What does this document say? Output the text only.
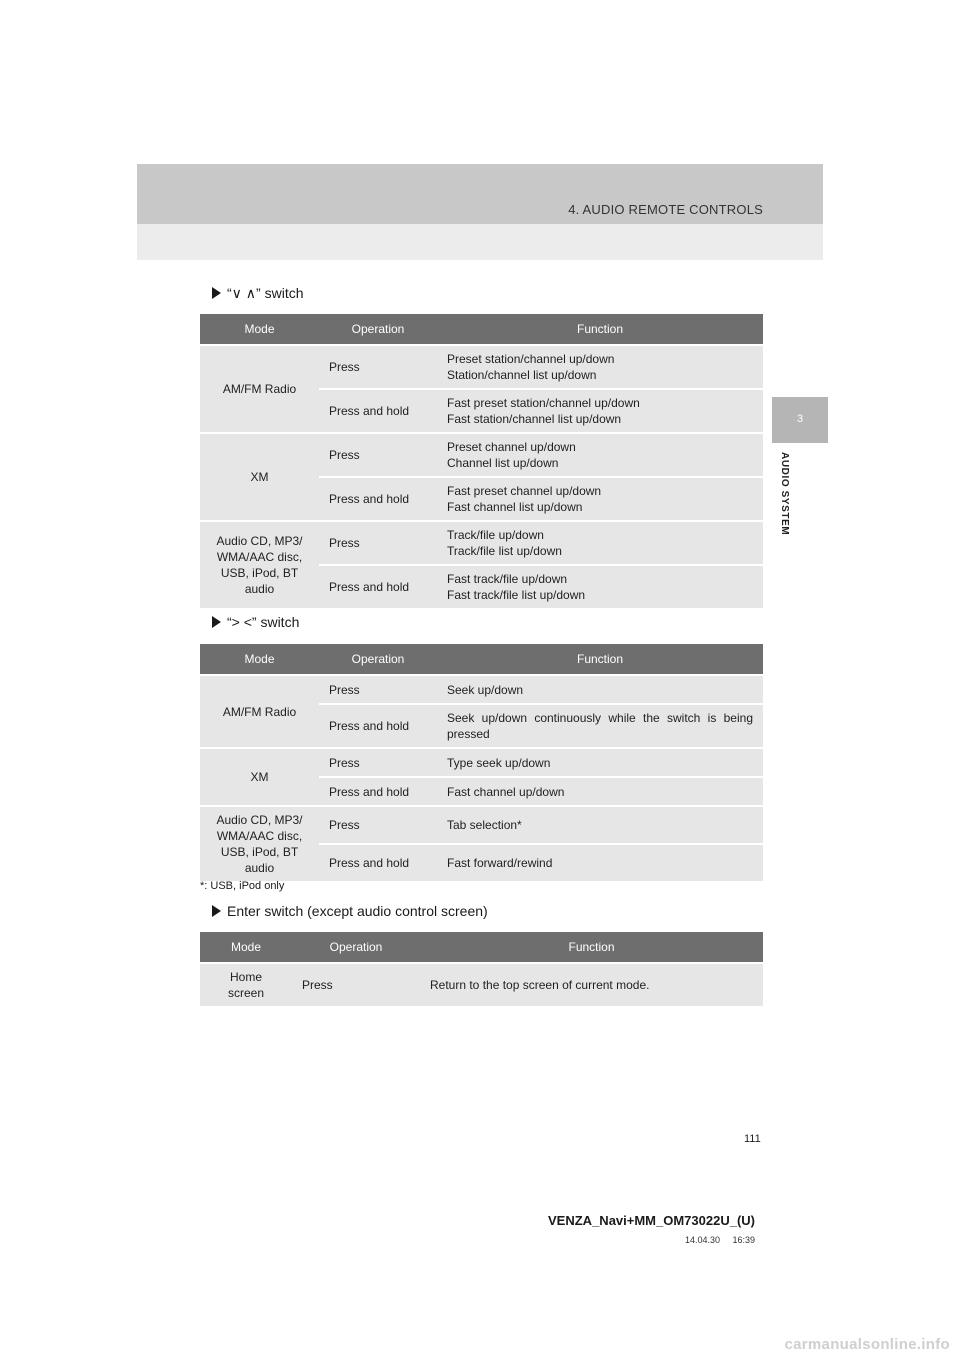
4. AUDIO REMOTE CONTROLS
3
AUDIO SYSTEM
“∨ ∧” switch
Mode	Operation	Function
AM/FM Radio	Press	Preset station/channel up/down
Station/channel list up/down

	Press and hold	Fast preset station/channel up/down
Fast station/channel list up/down

XM	Press	Preset channel up/down
Channel list up/down

	Press and hold	Fast preset channel up/down
Fast channel list up/down

Audio CD, MP3/ WMA/AAC disc, USB, iPod, BT audio	Press	Track/file up/down
Track/file list up/down

	Press and hold	Fast track/file up/down
Fast track/file list up/down
“> <” switch
Mode	Operation	Function
AM/FM Radio	Press	Seek up/down

	Press and hold	Seek up/down continuously while the switch is being pressed

XM	Press	Type seek up/down

	Press and hold	Fast channel up/down

Audio CD, MP3/ WMA/AAC disc, USB, iPod, BT audio	Press	Tab selection*

	Press and hold	Fast forward/rewind
*: USB, iPod only
Enter switch (except audio control screen)
Mode	Operation	Function
Home screen	Press	Return to the top screen of current mode.
111
VENZA_Navi+MM_OM73022U_(U)
14.04.30     16:39
carmanualsonline.info
